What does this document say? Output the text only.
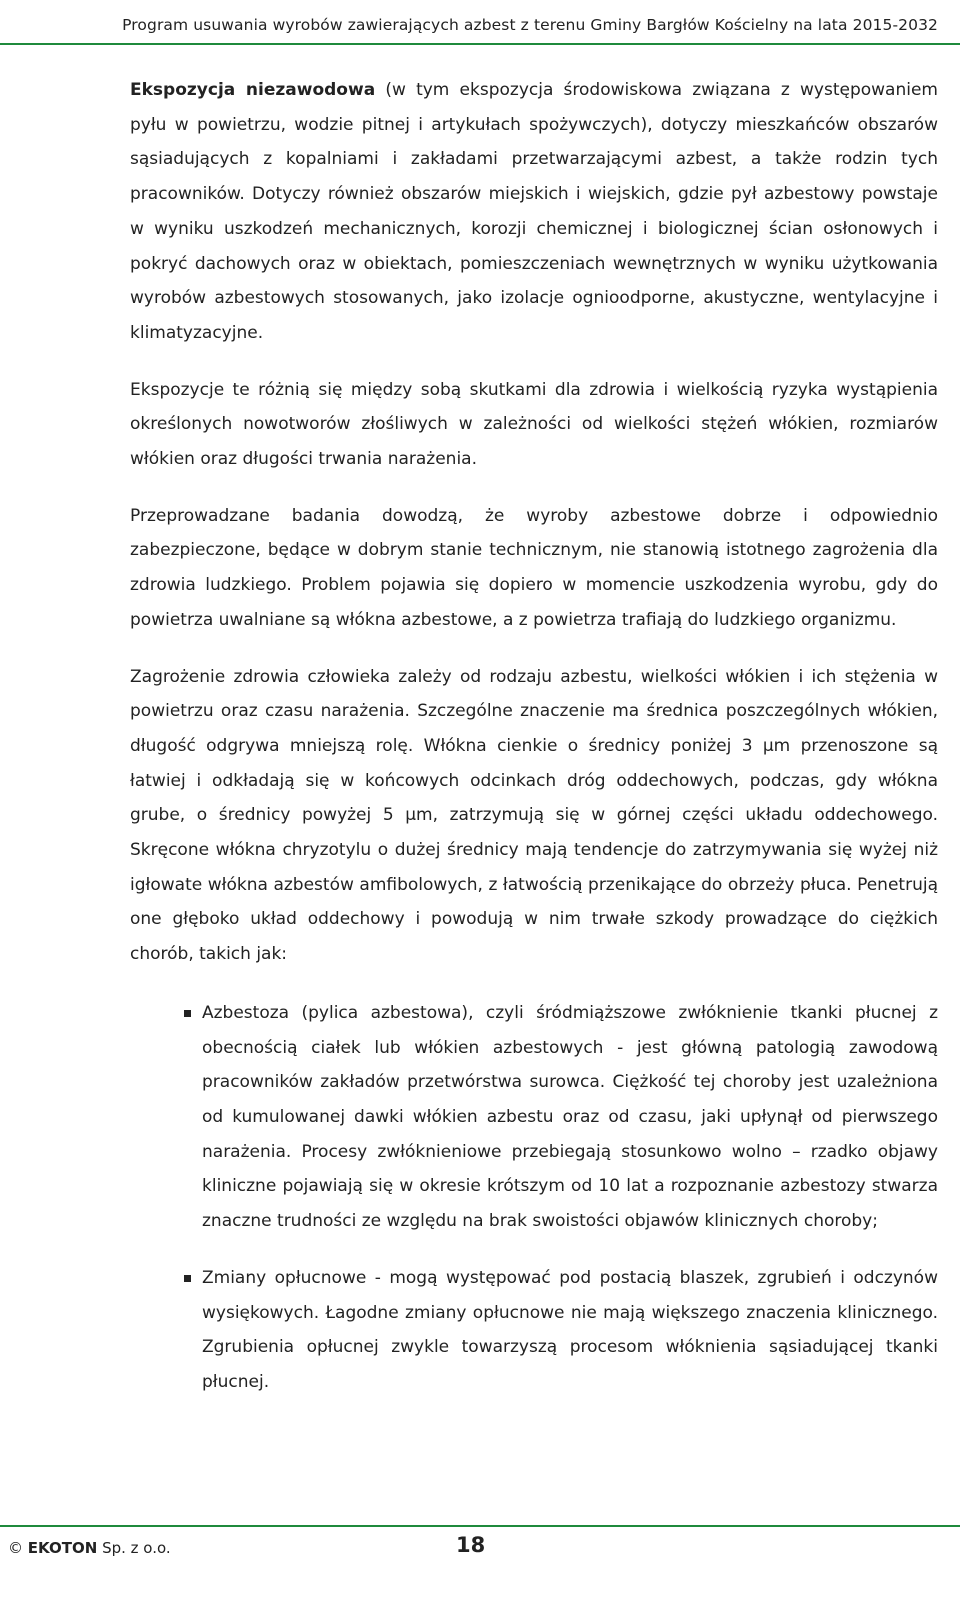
Program usuwania wyrobów zawierających azbest z terenu Gminy Bargłów Kościelny na lata 2015-2032

Ekspozycja niezawodowa (w tym ekspozycja środowiskowa związana z występowaniem pyłu w powietrzu, wodzie pitnej i artykułach spożywczych), dotyczy mieszkańców obszarów sąsiadujących z kopalniami i zakładami przetwarzającymi azbest, a także rodzin tych pracowników. Dotyczy również obszarów miejskich i wiejskich, gdzie pył azbestowy powstaje w wyniku uszkodzeń mechanicznych, korozji chemicznej i biologicznej ścian osłonowych i pokryć dachowych oraz w obiektach, pomieszczeniach wewnętrznych w wyniku użytkowania wyrobów azbestowych stosowanych, jako izolacje ognioodporne, akustyczne, wentylacyjne i klimatyzacyjne.

Ekspozycje te różnią się między sobą skutkami dla zdrowia i wielkością ryzyka wystąpienia określonych nowotworów złośliwych w zależności od wielkości stężeń włókien, rozmiarów włókien oraz długości trwania narażenia.

Przeprowadzane badania dowodzą, że wyroby azbestowe dobrze i odpowiednio zabezpieczone, będące w dobrym stanie technicznym, nie stanowią istotnego zagrożenia dla zdrowia ludzkiego. Problem pojawia się dopiero w momencie uszkodzenia wyrobu, gdy do powietrza uwalniane są włókna azbestowe, a z powietrza trafiają do ludzkiego organizmu.

Zagrożenie zdrowia człowieka zależy od rodzaju azbestu, wielkości włókien i ich stężenia w powietrzu oraz czasu narażenia. Szczególne znaczenie ma średnica poszczególnych włókien, długość odgrywa mniejszą rolę. Włókna cienkie o średnicy poniżej 3 µm przenoszone są łatwiej i odkładają się w końcowych odcinkach dróg oddechowych, podczas, gdy włókna grube, o średnicy powyżej 5 µm, zatrzymują się w górnej części układu oddechowego. Skręcone włókna chryzotylu o dużej średnicy mają tendencje do zatrzymywania się wyżej niż igłowate włókna azbestów amfibolowych, z łatwością przenikające do obrzeży płuca. Penetrują one głęboko układ oddechowy i powodują w nim trwałe szkody prowadzące do ciężkich chorób, takich jak:

Azbestoza (pylica azbestowa), czyli śródmiąższowe zwłóknienie tkanki płucnej z obecnością ciałek lub włókien azbestowych - jest główną patologią zawodową pracowników zakładów przetwórstwa surowca. Ciężkość tej choroby jest uzależniona od kumulowanej dawki włókien azbestu oraz od czasu, jaki upłynął od pierwszego narażenia. Procesy zwłóknieniowe przebiegają stosunkowo wolno – rzadko objawy kliniczne pojawiają się w okresie krótszym od 10 lat a rozpoznanie azbestozy stwarza znaczne trudności ze względu na brak swoistości objawów klinicznych choroby;
Zmiany opłucnowe - mogą występować pod postacią blaszek, zgrubień i odczynów wysiękowych. Łagodne zmiany opłucnowe nie mają większego znaczenia klinicznego. Zgrubienia opłucnej zwykle towarzyszą procesom włóknienia sąsiadującej tkanki płucnej.
© EKOTON Sp. z o.o.	18
